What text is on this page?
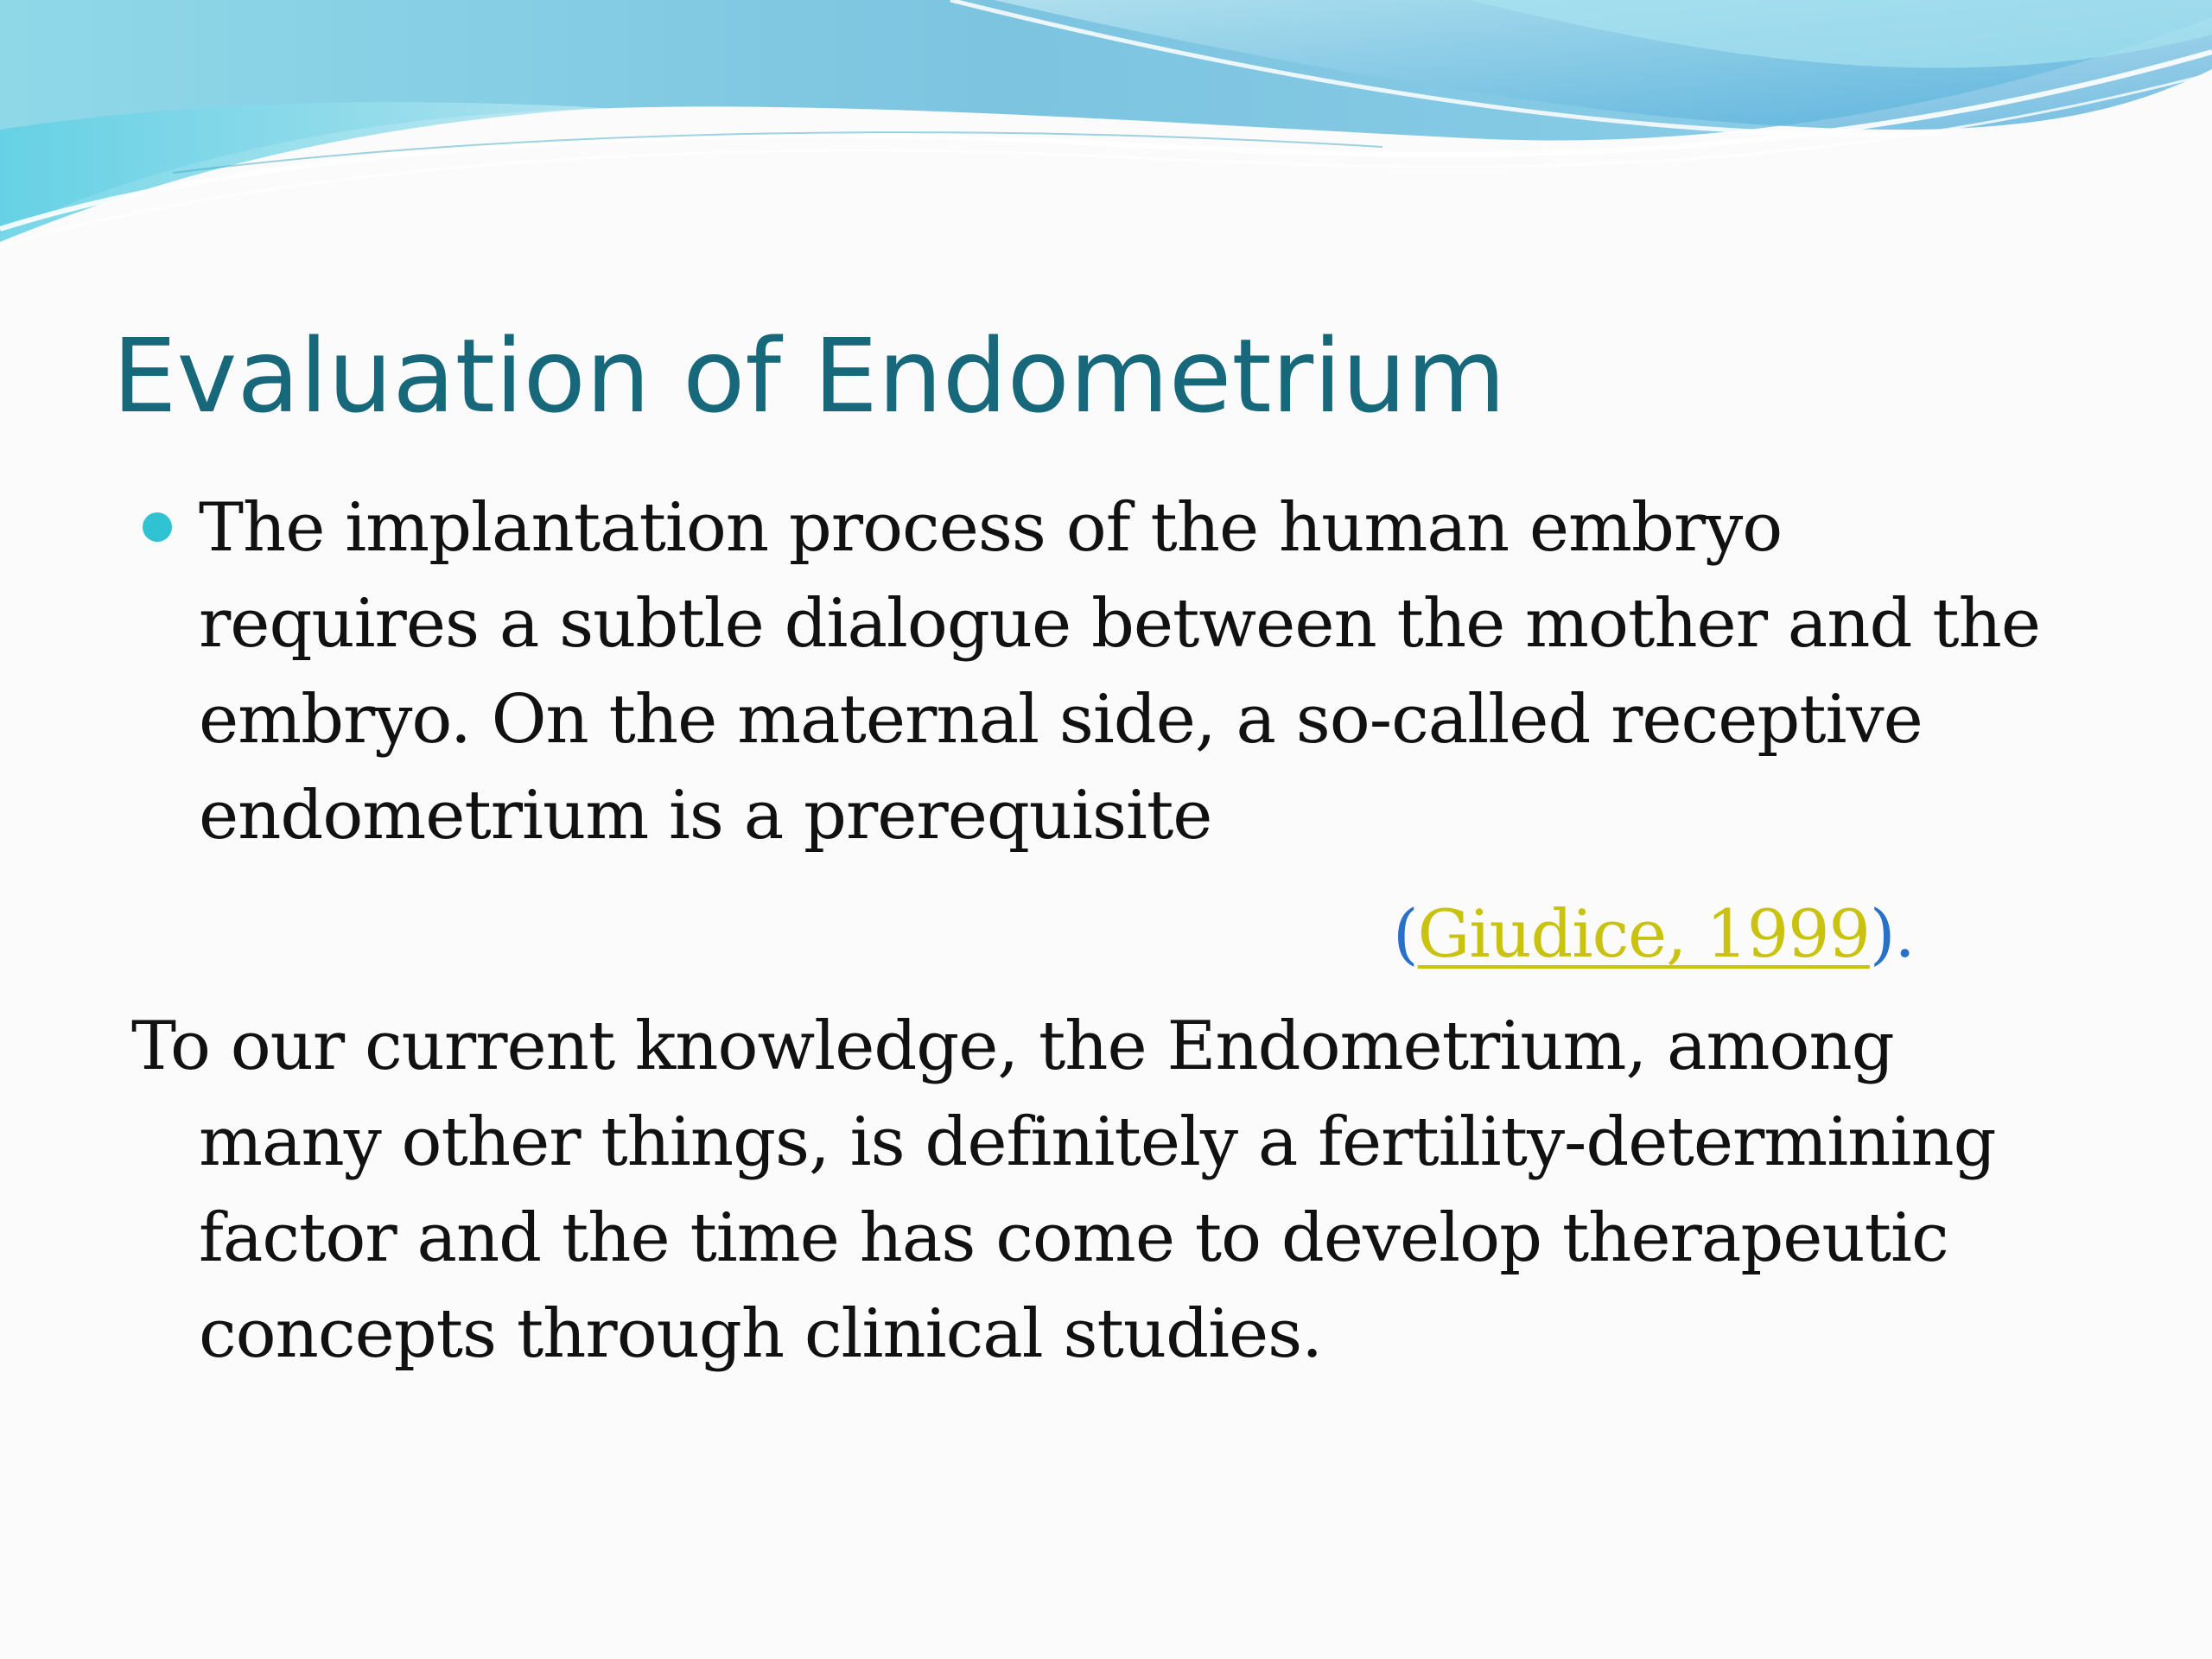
Evaluation of Endometrium
The implantation process of the human embryo
requires a subtle dialogue between the mother and the
embryo. On the maternal side, a so-called receptive
endometrium is a prerequisite
(Giudice, 1999).
To our current knowledge, the Endometrium, among
many other things, is definitely a fertility-determining
factor and the time has come to develop therapeutic
concepts through clinical studies.
